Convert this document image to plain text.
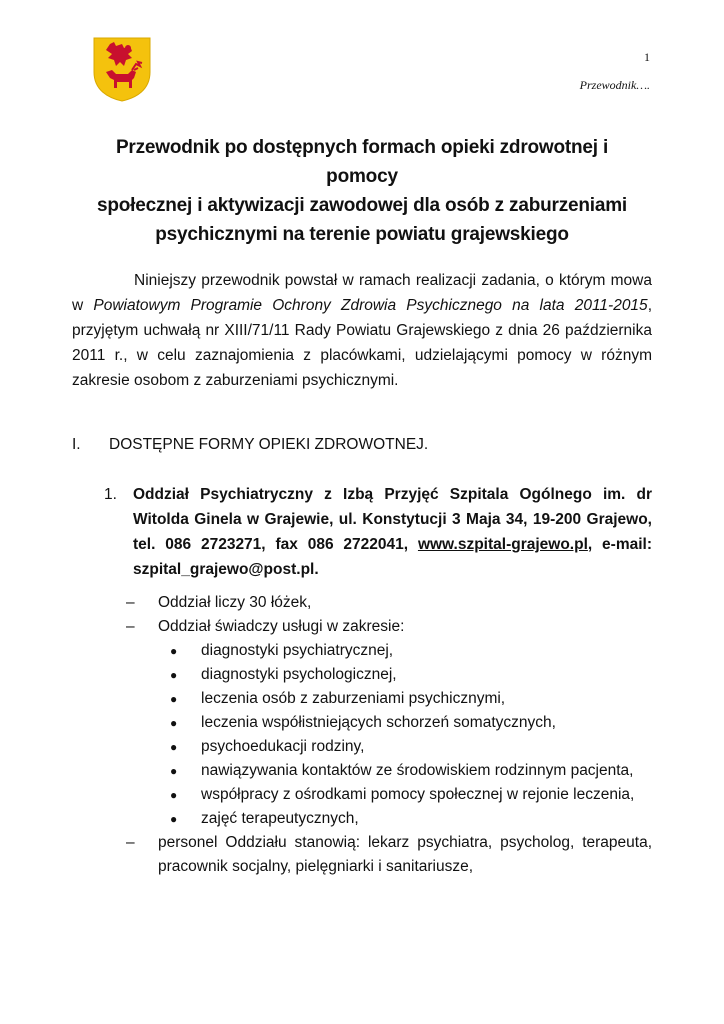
1
Przewodnik….
Przewodnik po dostępnych formach opieki zdrowotnej i pomocy
społecznej i aktywizacji zawodowej dla osób z zaburzeniami
psychicznymi na terenie powiatu grajewskiego

Niniejszy przewodnik powstał w ramach realizacji zadania, o którym mowa w Powiatowym Programie Ochrony Zdrowia Psychicznego na lata 2011-2015, przyjętym uchwałą nr XIII/71/11 Rady Powiatu Grajewskiego z dnia 26 października 2011 r., w celu zaznajomienia z placówkami, udzielającymi pomocy w różnym zakresie osobom z zaburzeniami psychicznymi.

I. DOSTĘPNE FORMY OPIEKI ZDROWOTNEJ.
1. Oddział Psychiatryczny z Izbą Przyjęć Szpitala Ogólnego im. dr Witolda Ginela w Grajewie, ul. Konstytucji 3 Maja 34, 19-200 Grajewo, tel. 086 2723271, fax 086 2722041, www.szpital-grajewo.pl, e-mail: szpital_grajewo@post.pl.
– Oddział liczy 30 łóżek,
– Oddział świadczy usługi w zakresie:
● diagnostyki psychiatrycznej,
● diagnostyki psychologicznej,
● leczenia osób z zaburzeniami psychicznymi,
● leczenia współistniejących schorzeń somatycznych,
● psychoedukacji rodziny,
● nawiązywania kontaktów ze środowiskiem rodzinnym pacjenta,
● współpracy z ośrodkami pomocy społecznej w rejonie leczenia,
● zajęć terapeutycznych,
– personel Oddziału stanowią: lekarz psychiatra, psycholog, terapeuta, pracownik socjalny, pielęgniarki i sanitariusze,
